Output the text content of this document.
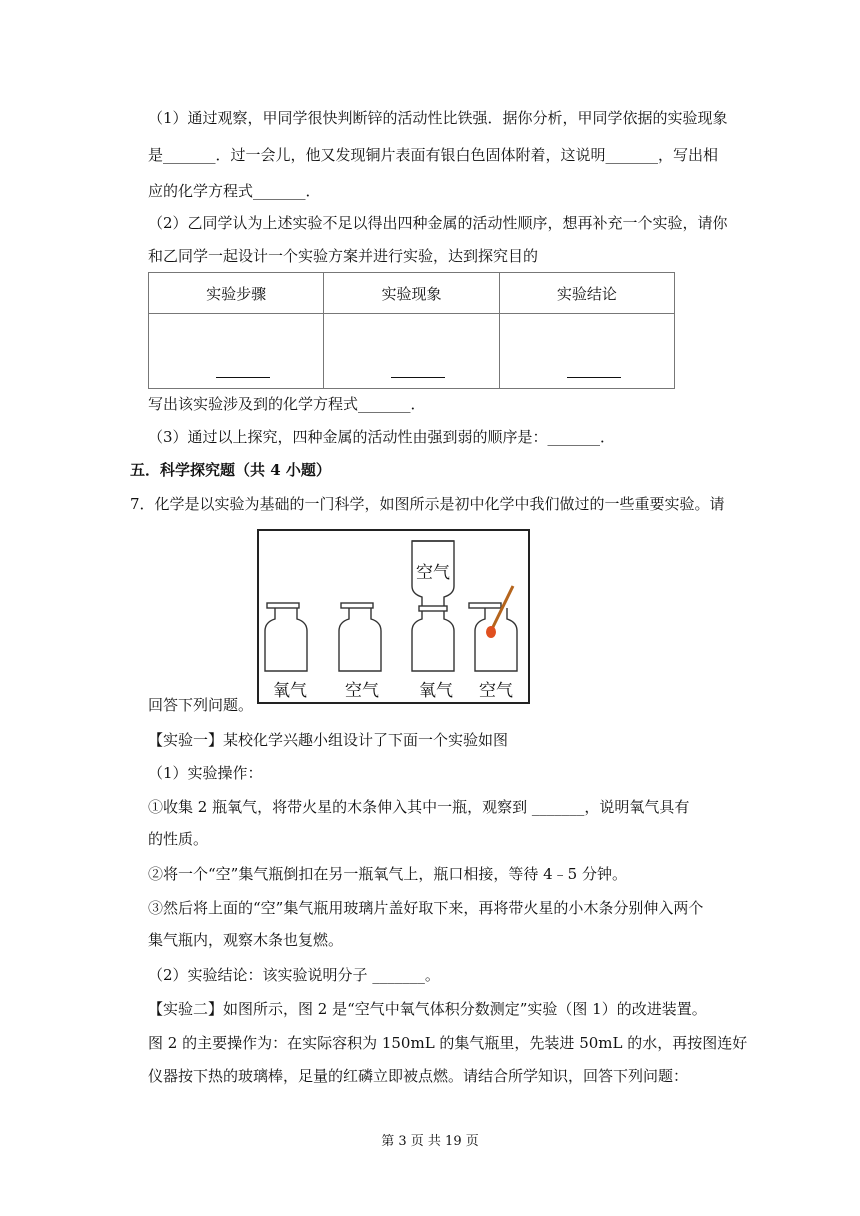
（1）通过观察，甲同学很快判断锌的活动性比铁强．据你分析，甲同学依据的实验现象
是_______．过一会儿，他又发现铜片表面有银白色固体附着，这说明_______，写出相
应的化学方程式_______．
（2）乙同学认为上述实验不足以得出四种金属的活动性顺序，想再补充一个实验，请你
和乙同学一起设计一个实验方案并进行实验，达到探究目的
实验步骤	实验现象	实验结论

写出该实验涉及到的化学方程式_______．
（3）通过以上探究，四种金属的活动性由强到弱的顺序是：_______．
五．科学探究题（共 4 小题）
7．化学是以实验为基础的一门科学，如图所示是初中化学中我们做过的一些重要实验。请
氧气 空气 氧气 空气
空气
回答下列问题。
【实验一】某校化学兴趣小组设计了下面一个实验如图
（1）实验操作：
①收集 2 瓶氧气，将带火星的木条伸入其中一瓶，观察到 _______，说明氧气具有
的性质。
②将一个“空”集气瓶倒扣在另一瓶氧气上，瓶口相接，等待 4﹣5 分钟。
③然后将上面的“空”集气瓶用玻璃片盖好取下来，再将带火星的小木条分别伸入两个
集气瓶内，观察木条也复燃。
（2）实验结论：该实验说明分子 _______。
【实验二】如图所示，图 2 是“空气中氧气体积分数测定”实验（图 1）的改进装置。
图 2 的主要操作为：在实际容积为 150mL 的集气瓶里，先装进 50mL 的水，再按图连好
仪器按下热的玻璃棒，足量的红磷立即被点燃。请结合所学知识，回答下列问题：
第 3 页 共 19 页
